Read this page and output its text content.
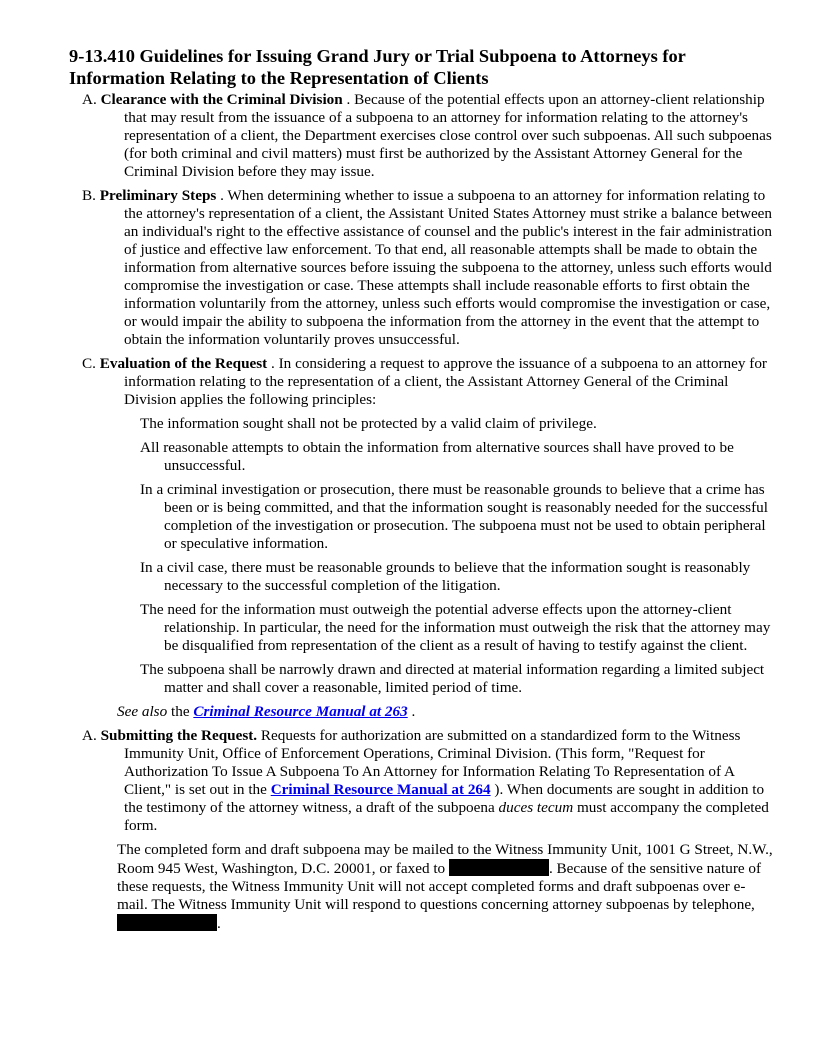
9-13.410 Guidelines for Issuing Grand Jury or Trial Subpoena to Attorneys for Information Relating to the Representation of Clients
A. Clearance with the Criminal Division . Because of the potential effects upon an attorney-client relationship that may result from the issuance of a subpoena to an attorney for information relating to the attorney's representation of a client, the Department exercises close control over such subpoenas. All such subpoenas (for both criminal and civil matters) must first be authorized by the Assistant Attorney General for the Criminal Division before they may issue.
B. Preliminary Steps . When determining whether to issue a subpoena to an attorney for information relating to the attorney's representation of a client, the Assistant United States Attorney must strike a balance between an individual's right to the effective assistance of counsel and the public's interest in the fair administration of justice and effective law enforcement. To that end, all reasonable attempts shall be made to obtain the information from alternative sources before issuing the subpoena to the attorney, unless such efforts would compromise the investigation or case. These attempts shall include reasonable efforts to first obtain the information voluntarily from the attorney, unless such efforts would compromise the investigation or case, or would impair the ability to subpoena the information from the attorney in the event that the attempt to obtain the information voluntarily proves unsuccessful.
C. Evaluation of the Request . In considering a request to approve the issuance of a subpoena to an attorney for information relating to the representation of a client, the Assistant Attorney General of the Criminal Division applies the following principles:
The information sought shall not be protected by a valid claim of privilege.
All reasonable attempts to obtain the information from alternative sources shall have proved to be unsuccessful.
In a criminal investigation or prosecution, there must be reasonable grounds to believe that a crime has been or is being committed, and that the information sought is reasonably needed for the successful completion of the investigation or prosecution. The subpoena must not be used to obtain peripheral or speculative information.
In a civil case, there must be reasonable grounds to believe that the information sought is reasonably necessary to the successful completion of the litigation.
The need for the information must outweigh the potential adverse effects upon the attorney-client relationship. In particular, the need for the information must outweigh the risk that the attorney may be disqualified from representation of the client as a result of having to testify against the client.
The subpoena shall be narrowly drawn and directed at material information regarding a limited subject matter and shall cover a reasonable, limited period of time.

See also the Criminal Resource Manual at 263 .

A. Submitting the Request. Requests for authorization are submitted on a standardized form to the Witness Immunity Unit, Office of Enforcement Operations, Criminal Division. (This form, "Request for Authorization To Issue A Subpoena To An Attorney for Information Relating To Representation of A Client," is set out in the Criminal Resource Manual at 264 ). When documents are sought in addition to the testimony of the attorney witness, a draft of the subpoena duces tecum must accompany the completed form.

The completed form and draft subpoena may be mailed to the Witness Immunity Unit, 1001 G Street, N.W., Room 945 West, Washington, D.C. 20001, or faxed to	. Because of the sensitive nature of these requests, the Witness Immunity Unit will not accept completed forms and draft subpoenas over e-mail. The Witness Immunity Unit will respond to questions concerning attorney subpoenas by telephone, .
